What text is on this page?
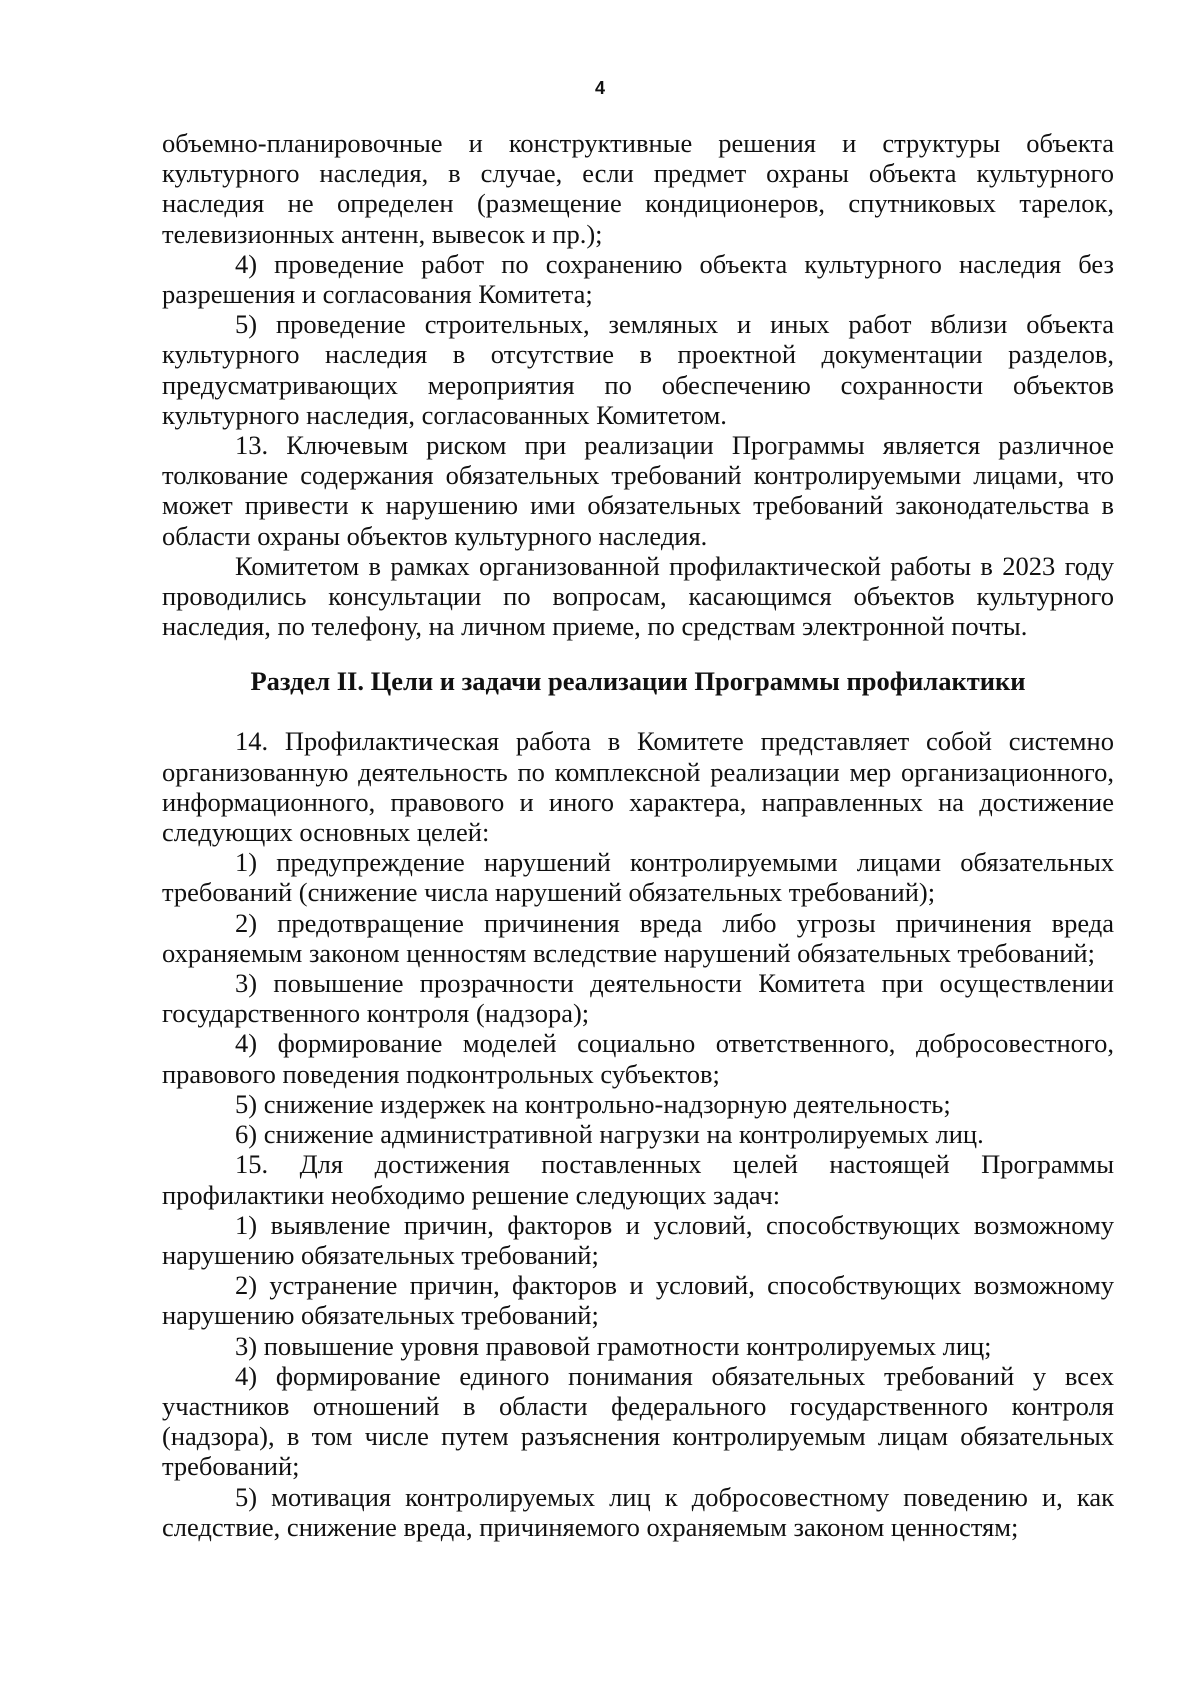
4

объемно-планировочные и конструктивные решения и структуры объекта культурного наследия, в случае, если предмет охраны объекта культурного наследия не определен (размещение кондиционеров, спутниковых тарелок, телевизионных антенн, вывесок и пр.);

4) проведение работ по сохранению объекта культурного наследия без разрешения и согласования Комитета;

5) проведение строительных, земляных и иных работ вблизи объекта культурного наследия в отсутствие в проектной документации разделов, предусматривающих мероприятия по обеспечению сохранности объектов культурного наследия, согласованных Комитетом.

13. Ключевым риском при реализации Программы является различное толкование содержания обязательных требований контролируемыми лицами, что может привести к нарушению ими обязательных требований законодательства в области охраны объектов культурного наследия.

Комитетом в рамках организованной профилактической работы в 2023 году проводились консультации по вопросам, касающимся объектов культурного наследия, по телефону, на личном приеме, по средствам электронной почты.

Раздел II. Цели и задачи реализации Программы профилактики

14. Профилактическая работа в Комитете представляет собой системно организованную деятельность по комплексной реализации мер организационного, информационного, правового и иного характера, направленных на достижение следующих основных целей:

1) предупреждение нарушений контролируемыми лицами обязательных требований (снижение числа нарушений обязательных требований);

2) предотвращение причинения вреда либо угрозы причинения вреда охраняемым законом ценностям вследствие нарушений обязательных требований;

3) повышение прозрачности деятельности Комитета при осуществлении государственного контроля (надзора);

4) формирование моделей социально ответственного, добросовестного, правового поведения подконтрольных субъектов;

5) снижение издержек на контрольно-надзорную деятельность;

6) снижение административной нагрузки на контролируемых лиц.

15. Для достижения поставленных целей настоящей Программы профилактики необходимо решение следующих задач:

1) выявление причин, факторов и условий, способствующих возможному нарушению обязательных требований;

2) устранение причин, факторов и условий, способствующих возможному нарушению обязательных требований;

3) повышение уровня правовой грамотности контролируемых лиц;

4) формирование единого понимания обязательных требований у всех участников отношений в области федерального государственного контроля (надзора), в том числе путем разъяснения контролируемым лицам обязательных требований;

5) мотивация контролируемых лиц к добросовестному поведению и, как следствие, снижение вреда, причиняемого охраняемым законом ценностям;
